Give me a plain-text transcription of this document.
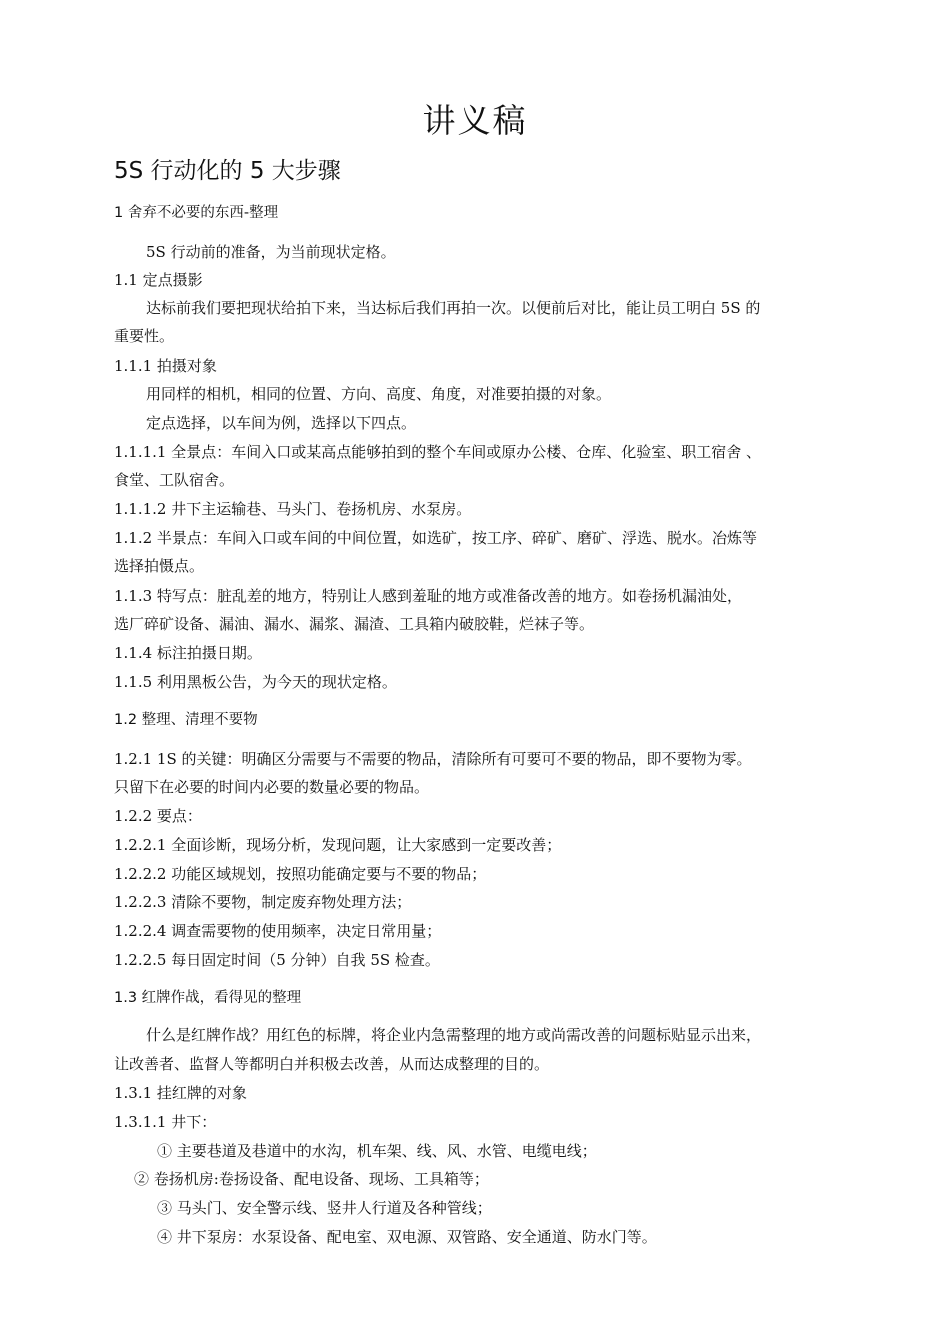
讲义稿
5S 行动化的 5 大步骤
1 舍弃不必要的东西-整理
5S 行动前的准备，为当前现状定格。
1.1 定点摄影
达标前我们要把现状给拍下来，当达标后我们再拍一次。以便前后对比，能让员工明白 5S 的
重要性。
1.1.1 拍摄对象
用同样的相机，相同的位置、方向、高度、角度，对准要拍摄的对象。
定点选择，以车间为例，选择以下四点。
1.1.1.1 全景点：车间入口或某高点能够拍到的整个车间或原办公楼、仓库、化验室、职工宿舍 、
食堂、工队宿舍。
1.1.1.2 井下主运输巷、马头门、卷扬机房、水泵房。
1.1.2 半景点：车间入口或车间的中间位置，如选矿，按工序、碎矿、磨矿、浮选、脱水。冶炼等
选择拍慑点。
1.1.3 特写点：脏乱差的地方，特别让人感到羞耻的地方或准备改善的地方。如卷扬机漏油处，
选厂碎矿设备、漏油、漏水、漏浆、漏渣、工具箱内破胶鞋，烂袜子等。
1.1.4 标注拍摄日期。
1.1.5 利用黑板公告，为今天的现状定格。
1.2 整理、清理不要物
1.2.1 1S 的关键：明确区分需要与不需要的物品，清除所有可要可不要的物品，即不要物为零。
只留下在必要的时间内必要的数量必要的物品。
1.2.2 要点：
1.2.2.1 全面诊断，现场分析，发现问题，让大家感到一定要改善；
1.2.2.2 功能区域规划，按照功能确定要与不要的物品；
1.2.2.3 清除不要物，制定废弃物处理方法；
1.2.2.4 调查需要物的使用频率，决定日常用量；
1.2.2.5 每日固定时间（5 分钟）自我 5S 检查。
1.3 红牌作战，看得见的整理
什么是红牌作战？用红色的标牌，将企业内急需整理的地方或尚需改善的问题标贴显示出来，
让改善者、监督人等都明白并积极去改善，从而达成整理的目的。
1.3.1 挂红牌的对象
1.3.1.1 井下：
① 主要巷道及巷道中的水沟，机车架、线、风、水管、电缆电线；
② 卷扬机房:卷扬设备、配电设备、现场、工具箱等；
③ 马头门、安全警示线、竖井人行道及各种管线；
④ 井下泵房：水泵设备、配电室、双电源、双管路、安全通道、防水门等。
